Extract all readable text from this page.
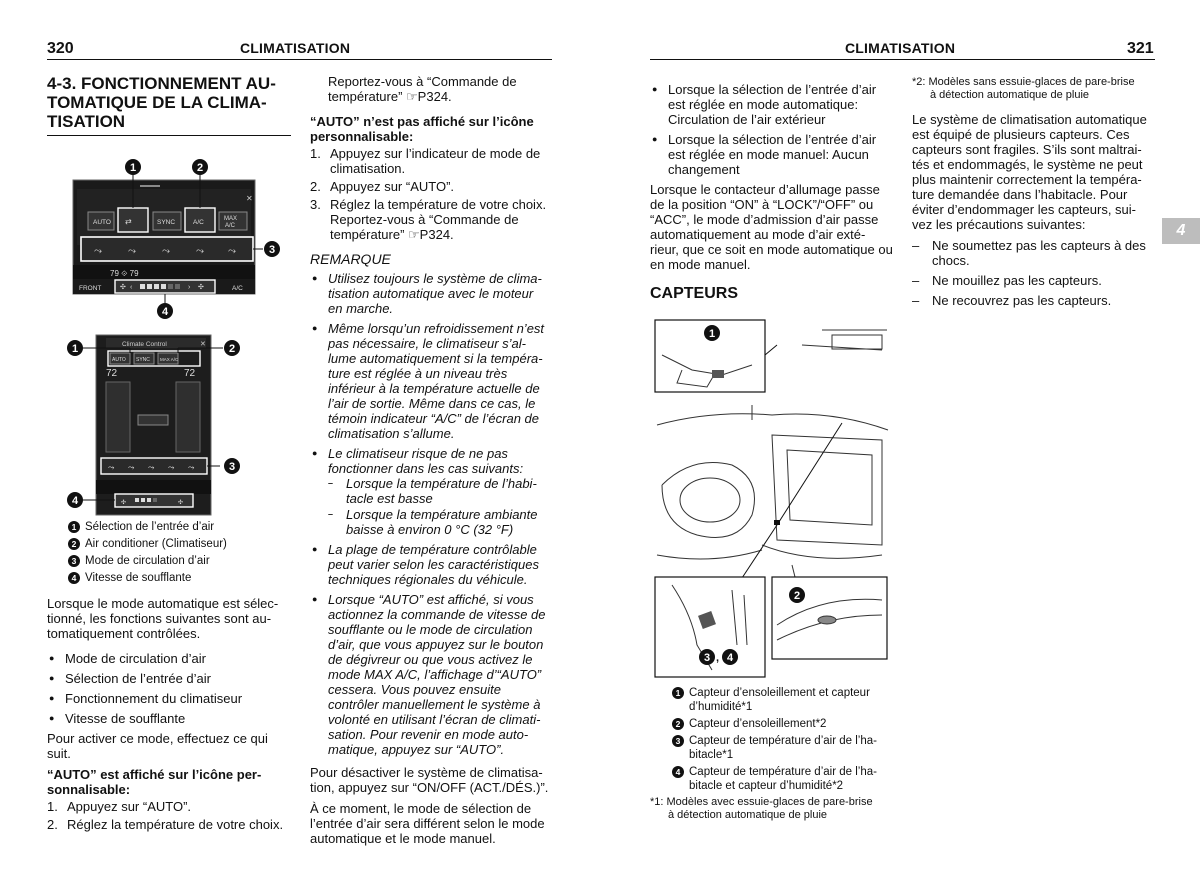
320	CLIMATISATION
4-3. FONCTIONNEMENT AU-
TOMATIQUE DE LA CLIMA-
TISATION
✕
AUTO ⇄	SYNC	A/C	MAX
A/C
⤳	⤳	⤳	⤳ ⤳
79 ⟐ 79
FRONT	✣ ‹	› ✣	A/C
1	2
3
4
Climate Control	✕
AUTO SYNC MAX A/C
72	72
⤳ ⤳ ⤳ ⤳ ⤳
✣	✣
1	2
3
4
1 Sélection de l’entrée d’air
2 Air conditioner (Climatiseur)
3 Mode de circulation d’air
4 Vitesse de soufflante

Lorsque le mode automatique est sélec-
tionné, les fonctions suivantes sont au-
tomatiquement contrôlées.

● Mode de circulation d’air
● Sélection de l’entrée d’air
● Fonctionnement du climatiseur
● Vitesse de soufflante

Pour activer ce mode, effectuez ce qui
suit.

“AUTO” est affiché sur l’icône per-
sonnalisable:
1. Appuyez sur “AUTO”.
2. Réglez la température de votre choix.

Reportez-vous à “Commande de
température” ☞P324.

“AUTO” n’est pas affiché sur l’icône
personnalisable:
1. Appuyez sur l’indicateur de mode de
climatisation.
2. Appuyez sur “AUTO”.
3. Réglez la température de votre choix.
Reportez-vous à “Commande de
température” ☞P324.
REMARQUE
● Utilisez toujours le système de clima-
tisation automatique avec le moteur
en marche.
● Même lorsqu’un refroidissement n’est
pas nécessaire, le climatiseur s’al-
lume automatiquement si la tempéra-
ture est réglée à un niveau très
inférieur à la température actuelle de
l’air de sortie. Même dans ce cas, le
témoin indicateur “A/C” de l’écran de
climatisation s’allume.
● Le climatiseur risque de ne pas
fonctionner dans les cas suivants:
– Lorsque la température de l’habi-
tacle est basse
– Lorsque la température ambiante
baisse à environ 0 °C (32 °F)
● La plage de température contrôlable
peut varier selon les caractéristiques
techniques régionales du véhicule.
● Lorsque “AUTO” est affiché, si vous
actionnez la commande de vitesse de
soufflante ou le mode de circulation
d’air, que vous appuyez sur le bouton
de dégivreur ou que vous activez le
mode MAX A/C, l’affichage d’“AUTO”
cessera. Vous pouvez ensuite
contrôler manuellement le système à
volonté en utilisant l’écran de climati-
sation. Pour revenir en mode auto-
matique, appuyez sur “AUTO”.

Pour désactiver le système de climatisa-
tion, appuyez sur “ON/OFF (ACT./DÉS.)”.

À ce moment, le mode de sélection de
l’entrée d’air sera différent selon le mode
automatique et le mode manuel.

CLIMATISATION	321
● Lorsque la sélection de l’entrée d’air
est réglée en mode automatique:
Circulation de l’air extérieur
● Lorsque la sélection de l’entrée d’air
est réglée en mode manuel: Aucun
changement

Lorsque le contacteur d’allumage passe
de la position “ON” à “LOCK”/“OFF” ou
“ACC”, le mode d’admission d’air passe
automatiquement au mode d’air exté-
rieur, que ce soit en mode automatique ou
en mode manuel.

CAPTEURS
1
2
3 , 4
1 Capteur d’ensoleillement et capteur
d’humidité*1
2 Capteur d’ensoleillement*2
3 Capteur de température d’air de l’ha-
bitacle*1
4 Capteur de température d’air de l’ha-
bitacle et capteur d’humidité*2
*1: Modèles avec essuie-glaces de pare-brise
à détection automatique de pluie
*2: Modèles sans essuie-glaces de pare-brise
à détection automatique de pluie

Le système de climatisation automatique
est équipé de plusieurs capteurs. Ces
capteurs sont fragiles. S’ils sont maltrai-
tés et endommagés, le système ne peut
plus maintenir correctement la tempéra-
ture demandée dans l’habitacle. Pour
éviter d’endommager les capteurs, sui-
vez les précautions suivantes:

– Ne soumettez pas les capteurs à des
chocs.
– Ne mouillez pas les capteurs.
– Ne recouvrez pas les capteurs.
4
